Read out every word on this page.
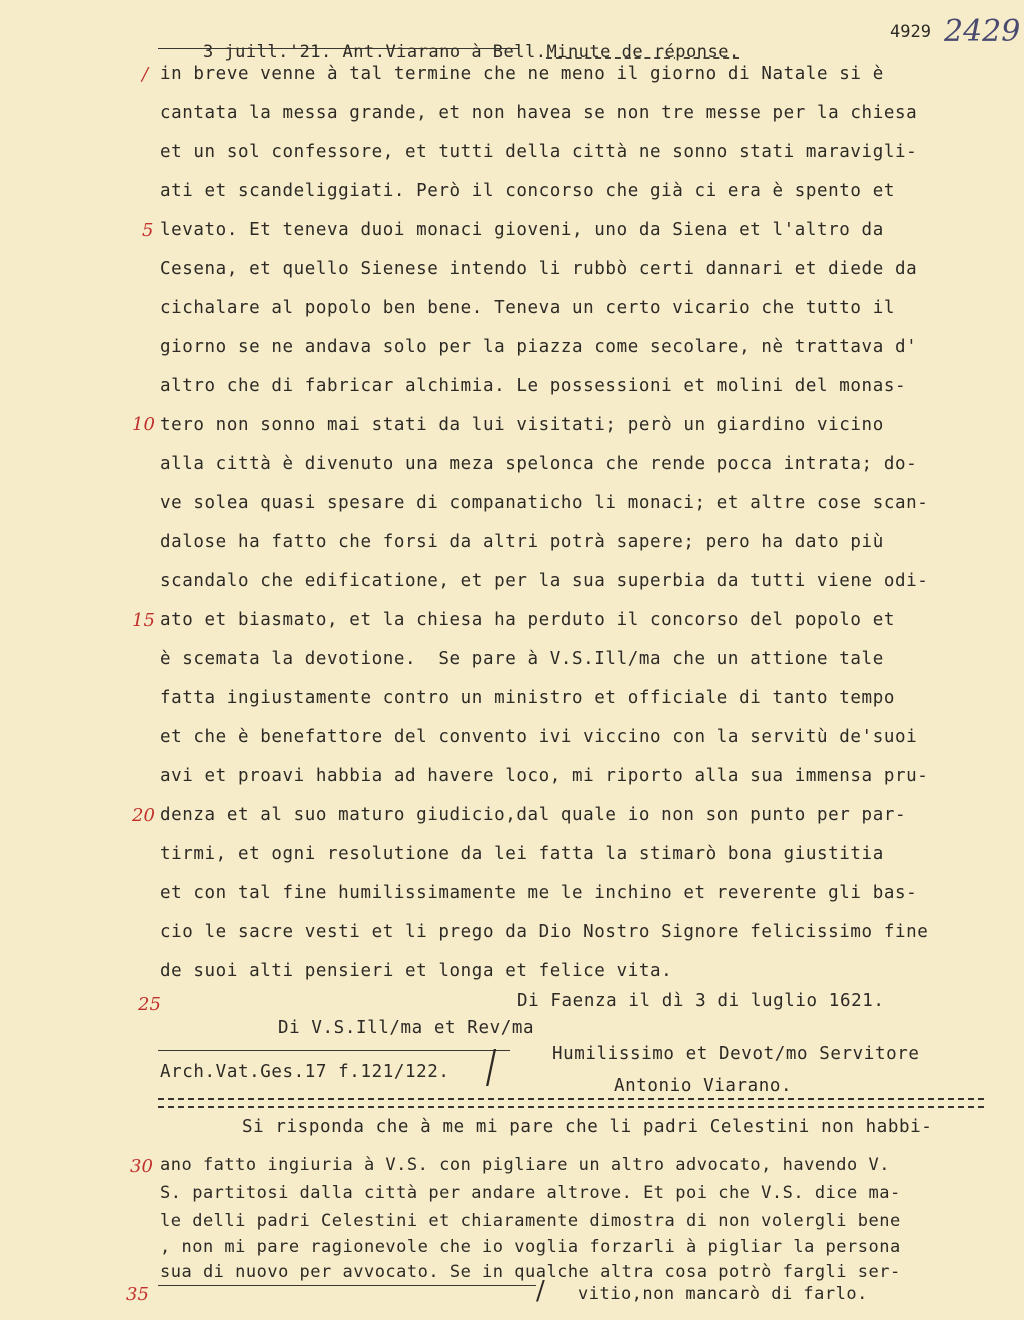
3 juill.'21. Ant.Viarano à Bell.Minute de réponse.

4929 2429
/
5
10
15
20
25
30
35
in breve venne à tal termine che ne meno il giorno di Natale si è
cantata la messa grande, et non havea se non tre messe per la chiesa
et un sol confessore, et tutti della città ne sonno stati maravigli-
ati et scandeliggiati. Però il concorso che già ci era è spento et
levato. Et teneva duoi monaci gioveni, uno da Siena et l'altro da
Cesena, et quello Sienese intendo li rubbò certi dannari et diede da
cichalare al popolo ben bene. Teneva un certo vicario che tutto il
giorno se ne andava solo per la piazza come secolare, nè trattava d'
altro che di fabricar alchimia. Le possessioni et molini del monas-
tero non sonno mai stati da lui visitati; però un giardino vicino
alla città è divenuto una meza spelonca che rende pocca intrata; do-
ve solea quasi spesare di companaticho li monaci; et altre cose scan-
dalose ha fatto che forsi da altri potrà sapere; pero ha dato più
scandalo che edificatione, et per la sua superbia da tutti viene odi-
ato et biasmato, et la chiesa ha perduto il concorso del popolo et
è scemata la devotione.  Se pare à V.S.Ill/ma che un attione tale
fatta ingiustamente contro un ministro et officiale di tanto tempo
et che è benefattore del convento ivi viccino con la servitù de'suoi
avi et proavi habbia ad havere loco, mi riporto alla sua immensa pru-
denza et al suo maturo giudicio,dal quale io non son punto per par-
tirmi, et ogni resolutione da lei fatta la stimarò bona giustitia
et con tal fine humilissimamente me le inchino et reverente gli bas-
cio le sacre vesti et li prego da Dio Nostro Signore felicissimo fine
de suoi alti pensieri et longa et felice vita.
Di Faenza il dì 3 di luglio 1621.
Di V.S.Ill/ma et Rev/ma
Arch.Vat.Ges.17 f.121/122. /	Humilissimo et Devot/mo Servitore
Antonio Viarano.
Si risponda che à me mi pare che li padri Celestini non habbi-
ano fatto ingiuria à V.S. con pigliare un altro advocato, havendo V.
S. partitosi dalla città per andare altrove. Et poi che V.S. dice ma-
le delli padri Celestini et chiaramente dimostra di non volergli bene
, non mi pare ragionevole che io voglia forzarli à pigliar la persona
sua di nuovo per avvocato. Se in qualche altra cosa potrò fargli ser-
/ vitio,non mancarò di farlo.
